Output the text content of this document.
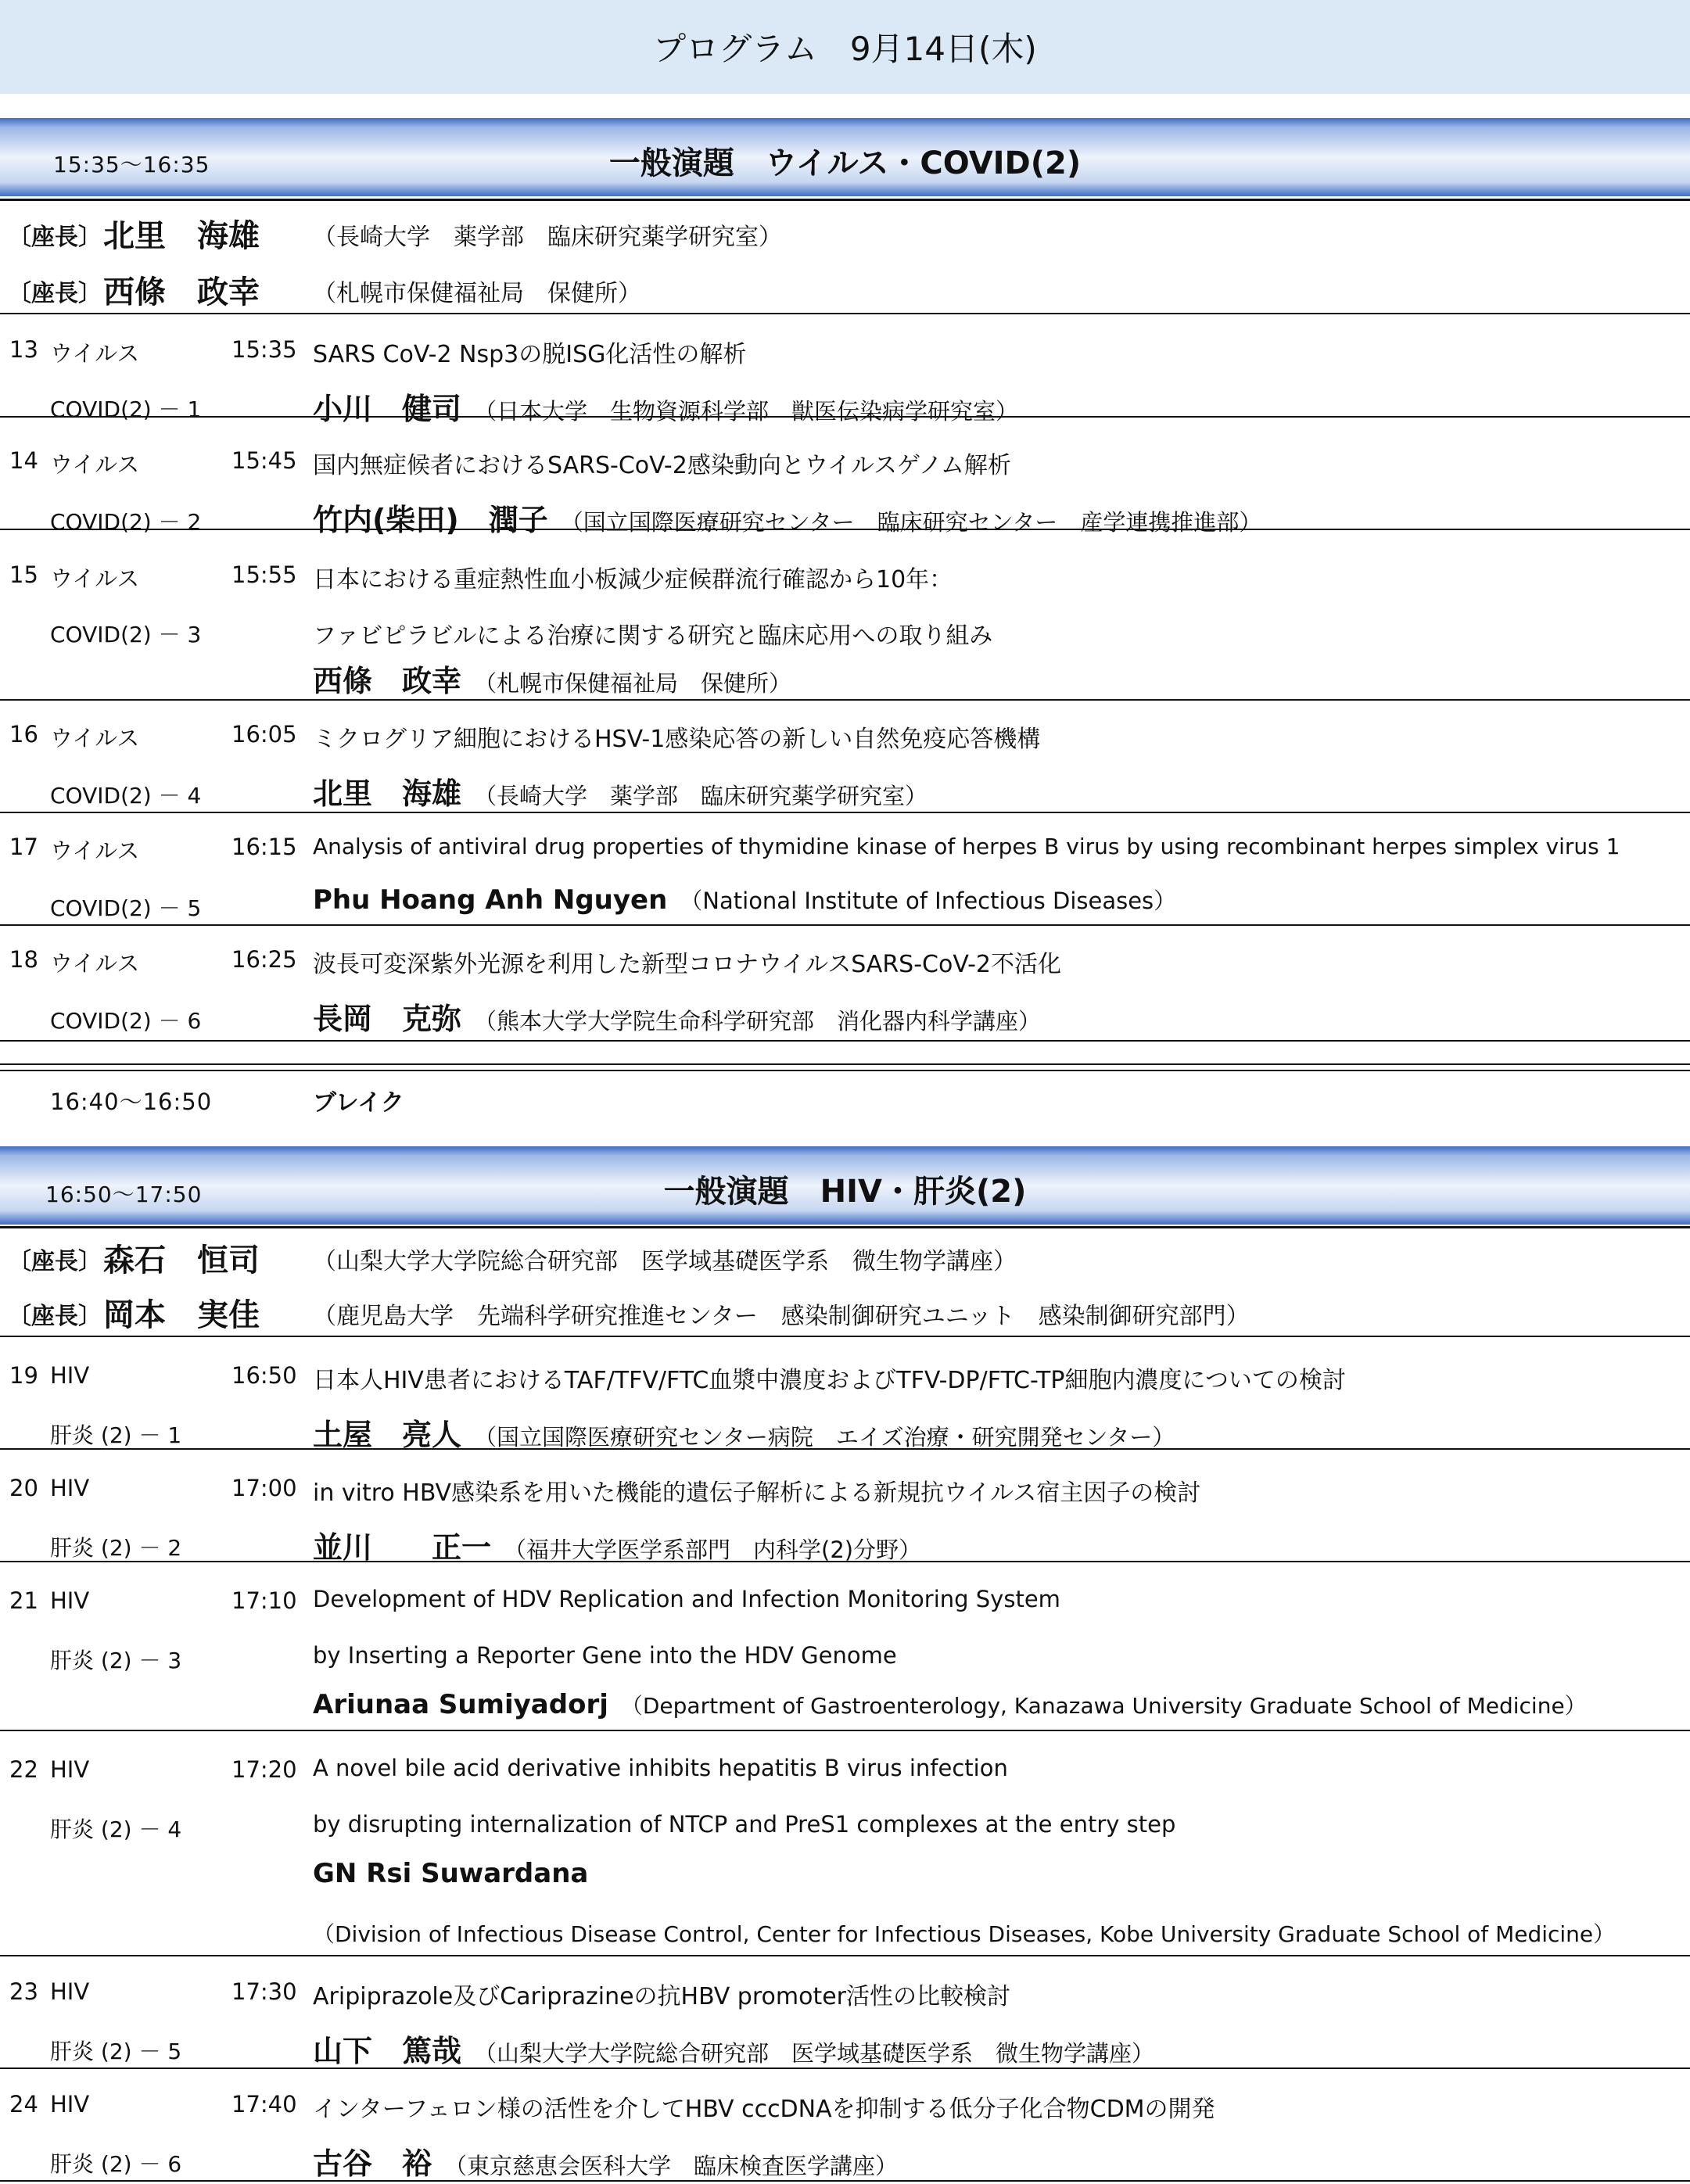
プログラム　9月14日(木)
15:35〜16:35	一般演題　ウイルス・COVID(2)
〔座長〕 北里　海雄 （長崎大学　薬学部　臨床研究薬学研究室）
〔座長〕 西條　政幸 （札幌市保健福祉局　保健所）
13 ウイルス	15:35
COVID(2) － 1
SARS CoV-2 Nsp3の脱ISG化活性の解析
小川　健司 （日本大学　生物資源科学部　獣医伝染病学研究室）
14 ウイルス	15:45
COVID(2) － 2
国内無症候者におけるSARS-CoV-2感染動向とウイルスゲノム解析
竹内(柴田)　潤子 （国立国際医療研究センター　臨床研究センター　産学連携推進部）
15 ウイルス	15:55
COVID(2) － 3
日本における重症熱性血小板減少症候群流行確認から10年：
ファビピラビルによる治療に関する研究と臨床応用への取り組み
西條　政幸 （札幌市保健福祉局　保健所）
16 ウイルス	16:05
COVID(2) － 4
ミクログリア細胞におけるHSV-1感染応答の新しい自然免疫応答機構
北里　海雄 （長崎大学　薬学部　臨床研究薬学研究室）
17 ウイルス	16:15
COVID(2) － 5
Analysis of antiviral drug properties of thymidine kinase of herpes B virus by using recombinant herpes simplex virus 1
Phu Hoang Anh Nguyen （National Institute of Infectious Diseases）
18 ウイルス	16:25
COVID(2) － 6
波長可変深紫外光源を利用した新型コロナウイルスSARS-CoV-2不活化
長岡　克弥 （熊本大学大学院生命科学研究部　消化器内科学講座）
16:40〜16:50	ブレイク
16:50〜17:50	一般演題　HIV・肝炎(2)
〔座長〕 森石　恒司 （山梨大学大学院総合研究部　医学域基礎医学系　微生物学講座）
〔座長〕 岡本　実佳 （鹿児島大学　先端科学研究推進センター　感染制御研究ユニット　感染制御研究部門）
19 HIV	16:50
肝炎 (2) － 1
日本人HIV患者におけるTAF/TFV/FTC血漿中濃度およびTFV-DP/FTC-TP細胞内濃度についての検討
土屋　亮人 （国立国際医療研究センター病院　エイズ治療・研究開発センター）
20 HIV	17:00
肝炎 (2) － 2
in vitro HBV感染系を用いた機能的遺伝子解析による新規抗ウイルス宿主因子の検討
並川　　正一 （福井大学医学系部門　内科学(2)分野）
21 HIV	17:10
肝炎 (2) － 3
Development of HDV Replication and Infection Monitoring System
by Inserting a Reporter Gene into the HDV Genome
Ariunaa Sumiyadorj （Department of Gastroenterology, Kanazawa University Graduate School of Medicine）
22 HIV	17:20
肝炎 (2) － 4
A novel bile acid derivative inhibits hepatitis B virus infection
by disrupting internalization of NTCP and PreS1 complexes at the entry step
GN Rsi Suwardana
（Division of Infectious Disease Control, Center for Infectious Diseases, Kobe University Graduate School of Medicine）
23 HIV	17:30
肝炎 (2) － 5
Aripiprazole及びCariprazineの抗HBV promoter活性の比較検討
山下　篤哉 （山梨大学大学院総合研究部　医学域基礎医学系　微生物学講座）
24 HIV	17:40
肝炎 (2) － 6
インターフェロン様の活性を介してHBV cccDNAを抑制する低分子化合物CDMの開発
古谷　裕 （東京慈恵会医科大学　臨床検査医学講座）
